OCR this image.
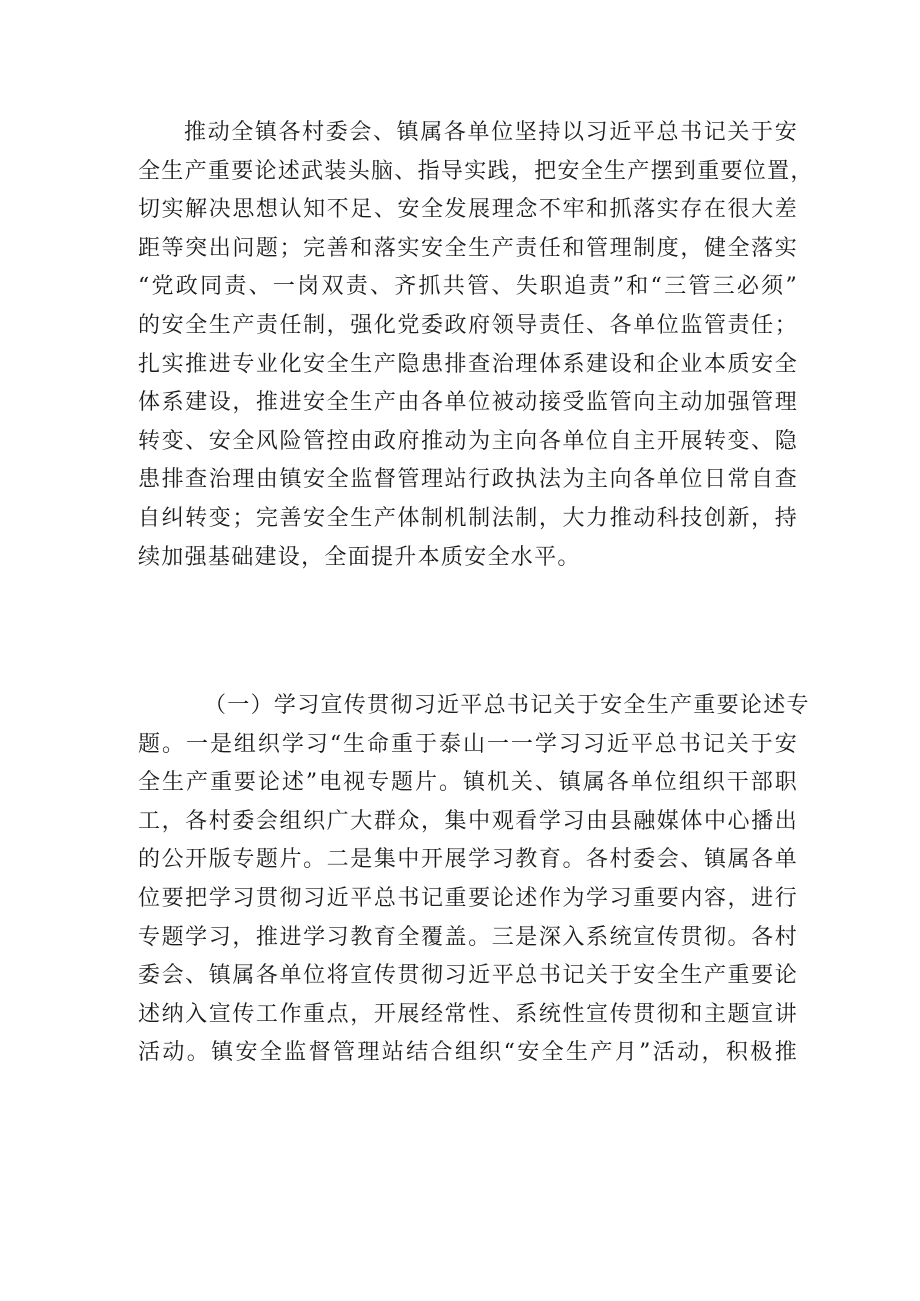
推动全镇各村委会、镇属各单位坚持以习近平总书记关于安
全生产重要论述武装头脑、指导实践，把安全生产摆到重要位置，
切实解决思想认知不足、安全发展理念不牢和抓落实存在很大差
距等突出问题；完善和落实安全生产责任和管理制度，健全落实
“党政同责、一岗双责、齐抓共管、失职追责”和“三管三必须”
的安全生产责任制，强化党委政府领导责任、各单位监管责任；
扎实推进专业化安全生产隐患排查治理体系建设和企业本质安全
体系建设，推进安全生产由各单位被动接受监管向主动加强管理
转变、安全风险管控由政府推动为主向各单位自主开展转变、隐
患排查治理由镇安全监督管理站行政执法为主向各单位日常自查
自纠转变；完善安全生产体制机制法制，大力推动科技创新，持
续加强基础建设，全面提升本质安全水平。
（一）学习宣传贯彻习近平总书记关于安全生产重要论述专
题。一是组织学习“生命重于泰山一一学习习近平总书记关于安
全生产重要论述”电视专题片。镇机关、镇属各单位组织干部职
工，各村委会组织广大群众，集中观看学习由县融媒体中心播出
的公开版专题片。二是集中开展学习教育。各村委会、镇属各单
位要把学习贯彻习近平总书记重要论述作为学习重要内容，进行
专题学习，推进学习教育全覆盖。三是深入系统宣传贯彻。各村
委会、镇属各单位将宣传贯彻习近平总书记关于安全生产重要论
述纳入宣传工作重点，开展经常性、系统性宣传贯彻和主题宣讲
活动。镇安全监督管理站结合组织“安全生产月”活动，积极推
